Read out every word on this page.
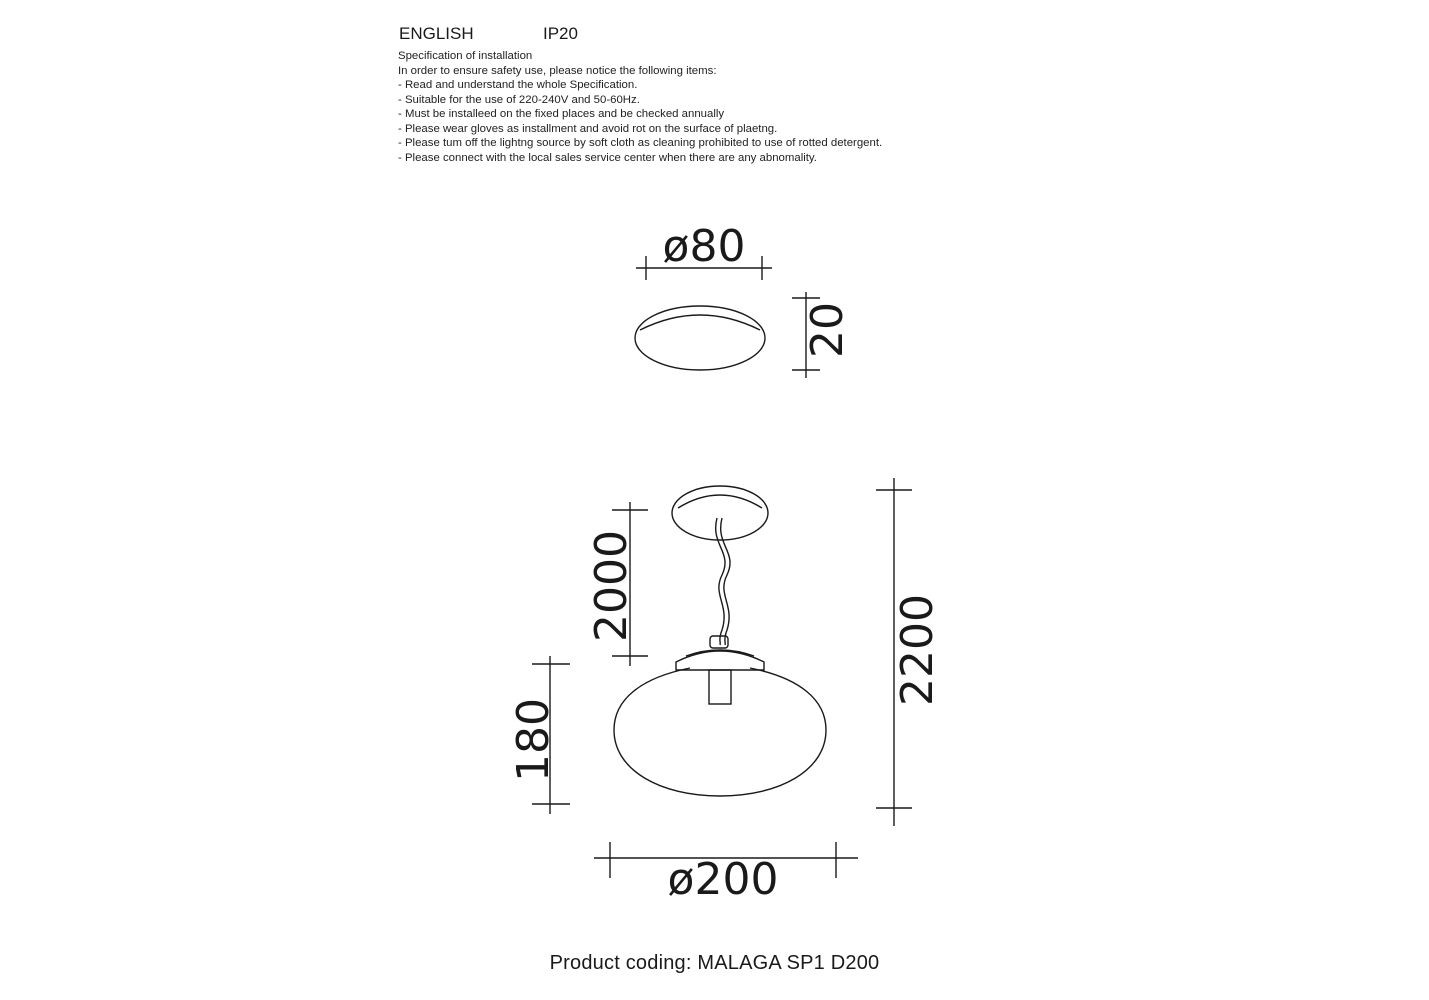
ENGLISH	IP20
Specification of installation
In order to ensure safety use, please notice the following items:
- Read and understand the whole Specification.
- Suitable for the use of 220-240V and 50-60Hz.
- Must be installeed on the fixed places and be checked annually
- Please wear gloves as installment and avoid rot on the surface of plaetng.
- Please tum off the lightng source by soft cloth as cleaning prohibited to use of rotted detergent.
- Please connect with the local sales service center when there are any abnomality.
ø80
20
2000
180
2200
ø200
Product coding: MALAGA SP1 D200
